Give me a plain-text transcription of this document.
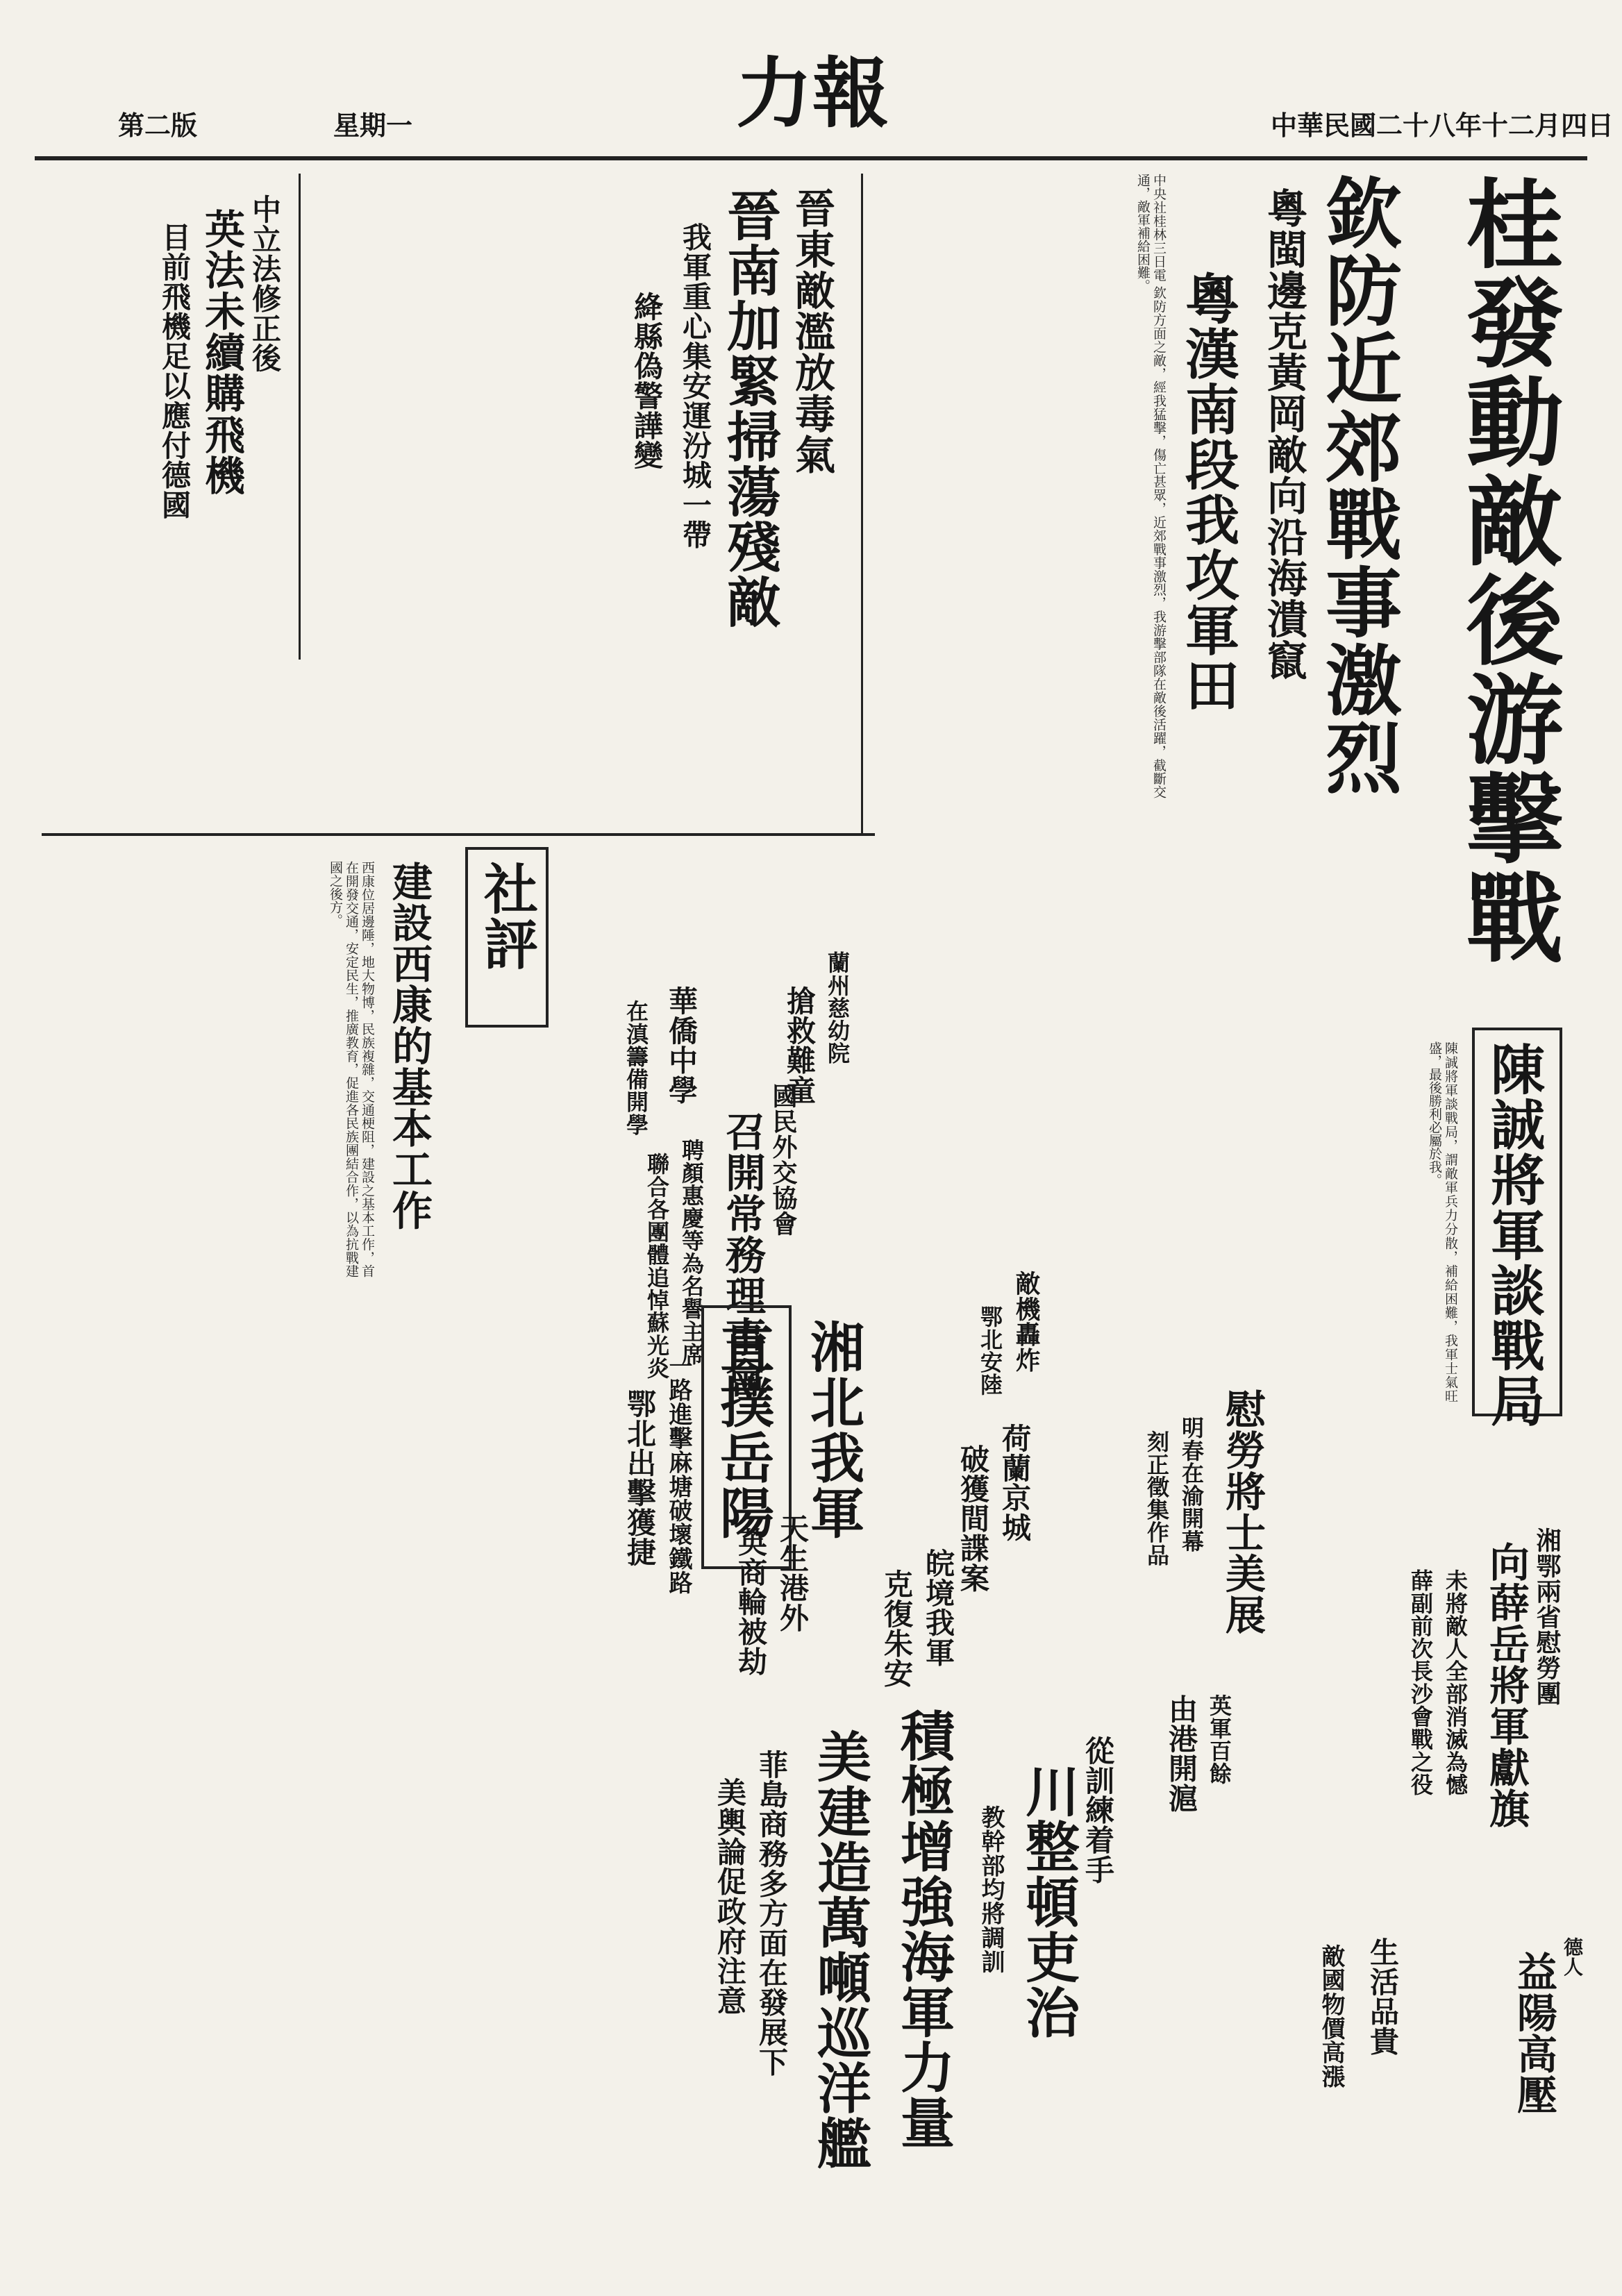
力報	中華民國二十八年十二月四日
星期一
第二版
桂發動敵後游擊戰
欽防近郊戰事激烈
粵閩邊克黃岡敵向沿海潰竄
粵漢南段我攻軍田
中央社桂林三日電 欽防方面之敵，經我猛擊，傷亡甚眾，近郊戰事激烈，我游擊部隊在敵後活躍，截斷交通，敵軍補給困難。
晉東敵濫放毒氣
晉南加緊掃蕩殘敵
我軍重心集安運汾城一帶
絳縣偽警譁變
中立法修正後
英法未續購飛機
目前飛機足以應付德國
社評
建設西康的基本工作
西康位居邊陲，地大物博，民族複雜，交通梗阻，建設之基本工作，首在開發交通，安定民生，推廣教育，促進各民族團結合作，以為抗戰建國之後方。
搶救難童 蘭州慈幼院
華僑中學
在滇籌備開學
國民外交協會
召開常務理事會
聘顏惠慶等為名譽主席
聯合各團體追悼蘇光炎	陳誠將軍談戰局
陳誠將軍談戰局，謂敵軍兵力分散，補給困難，我軍士氣旺盛，最後勝利必屬於我。
湘北我軍
直撲岳陽
一路進擊麻塘破壞鐵路
鄂北出擊獲捷
敵機轟炸
鄂北安陸
荷蘭京城
破獲間諜案	慰勞將士美展
明春在渝開幕
刻正徵集作品
湘鄂兩省慰勞團
向薛岳將軍獻旗
未將敵人全部消滅為憾
薛副前次長沙會戰之役
天生港外
英商輪被劫	皖境我軍
克復朱安
積極增強海軍力量
美建造萬噸巡洋艦
菲島商務多方面在發展下
美輿論促政府注意	從訓練着手
川整頓吏治
教幹部均將調訓
由港開滬 英軍百餘
生活品貴
敵國物價高漲	益陽高壓 德人
